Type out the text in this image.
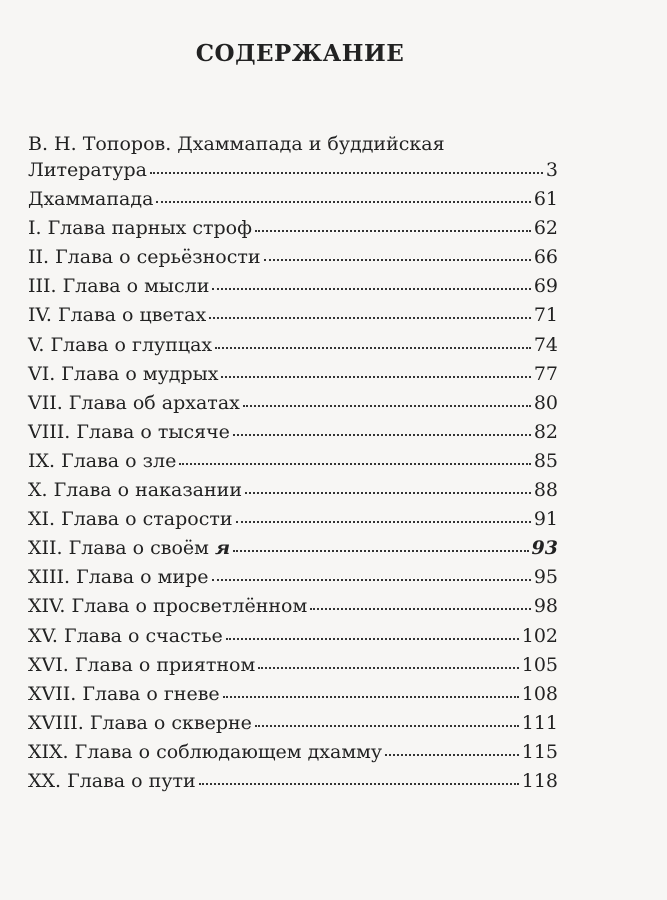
СОДЕРЖАНИЕ
В. Н. Топоров. Дхаммапада и буддийская
Литература	3
Дхаммапада	61
I. Глава парных строф	62
II. Глава о серьёзности	66
III. Глава о мысли	69
IV. Глава о цветах	71
V. Глава о глупцах	74
VI. Глава о мудрых	77
VII. Глава об архатах	80
VIII. Глава о тысяче	82
IX. Глава о зле	85
X. Глава о наказании	88
XI. Глава о старости	91
XII. Глава о своём я	93
XIII. Глава о мире	95
XIV. Глава о просветлённом	98
XV. Глава о счастье	102
XVI. Глава о приятном	105
XVII. Глава о гневе	108
XVIII. Глава о скверне	111
XIX. Глава о соблюдающем дхамму	115
XX. Глава о пути	118
